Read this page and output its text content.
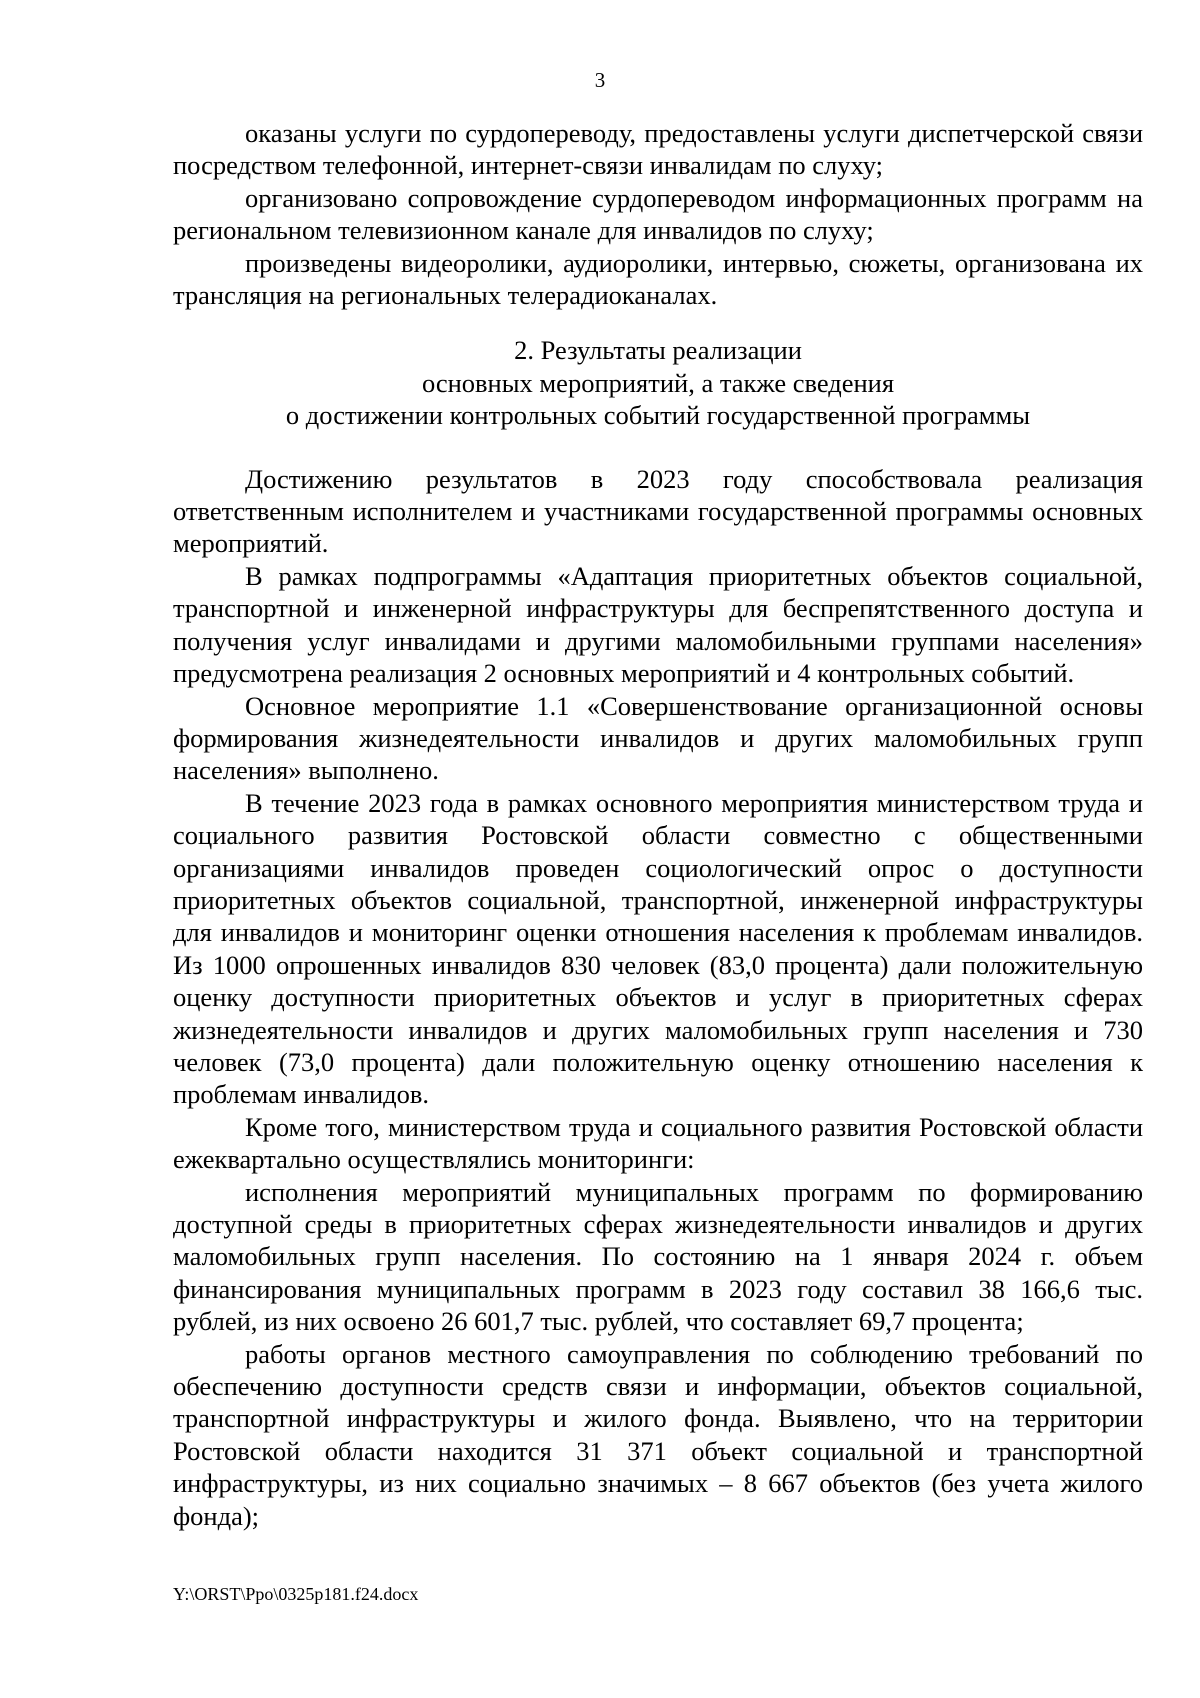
3

оказаны услуги по сурдопереводу, предоставлены услуги диспетчерской связи посредством телефонной, интернет-связи инвалидам по слуху;

организовано сопровождение сурдопереводом информационных программ на региональном телевизионном канале для инвалидов по слуху;

произведены видеоролики, аудиоролики, интервью, сюжеты, организована их трансляция на региональных телерадиоканалах.

2. Результаты реализации

основных мероприятий, а также сведения

о достижении контрольных событий государственной программы

Достижению результатов в 2023 году способствовала реализация ответственным исполнителем и участниками государственной программы основных мероприятий.

В рамках подпрограммы «Адаптация приоритетных объектов социальной, транспортной и инженерной инфраструктуры для беспрепятственного доступа и получения услуг инвалидами и другими маломобильными группами населения» предусмотрена реализация 2 основных мероприятий и 4 контрольных событий.

Основное мероприятие 1.1 «Совершенствование организационной основы формирования жизнедеятельности инвалидов и других маломобильных групп населения» выполнено.

В течение 2023 года в рамках основного мероприятия министерством труда и социального развития Ростовской области совместно с общественными организациями инвалидов проведен социологический опрос о доступности приоритетных объектов социальной, транспортной, инженерной инфраструктуры для инвалидов и мониторинг оценки отношения населения к проблемам инвалидов. Из 1000 опрошенных инвалидов 830 человек (83,0 процента) дали положительную оценку доступности приоритетных объектов и услуг в приоритетных сферах жизнедеятельности инвалидов и других маломобильных групп населения и 730 человек (73,0 процента) дали положительную оценку отношению населения к проблемам инвалидов.

Кроме того, министерством труда и социального развития Ростовской области ежеквартально осуществлялись мониторинги:

исполнения мероприятий муниципальных программ по формированию доступной среды в приоритетных сферах жизнедеятельности инвалидов и других маломобильных групп населения. По состоянию на 1 января 2024 г. объем финансирования муниципальных программ в 2023 году составил 38 166,6 тыс. рублей, из них освоено 26 601,7 тыс. рублей, что составляет 69,7 процента;

работы органов местного самоуправления по соблюдению требований по обеспечению доступности средств связи и информации, объектов социальной, транспортной инфраструктуры и жилого фонда. Выявлено, что на территории Ростовской области находится 31 371 объект социальной и транспортной инфраструктуры, из них социально значимых – 8 667 объектов (без учета жилого фонда);

Y:\ORST\Ppo\0325p181.f24.docx
